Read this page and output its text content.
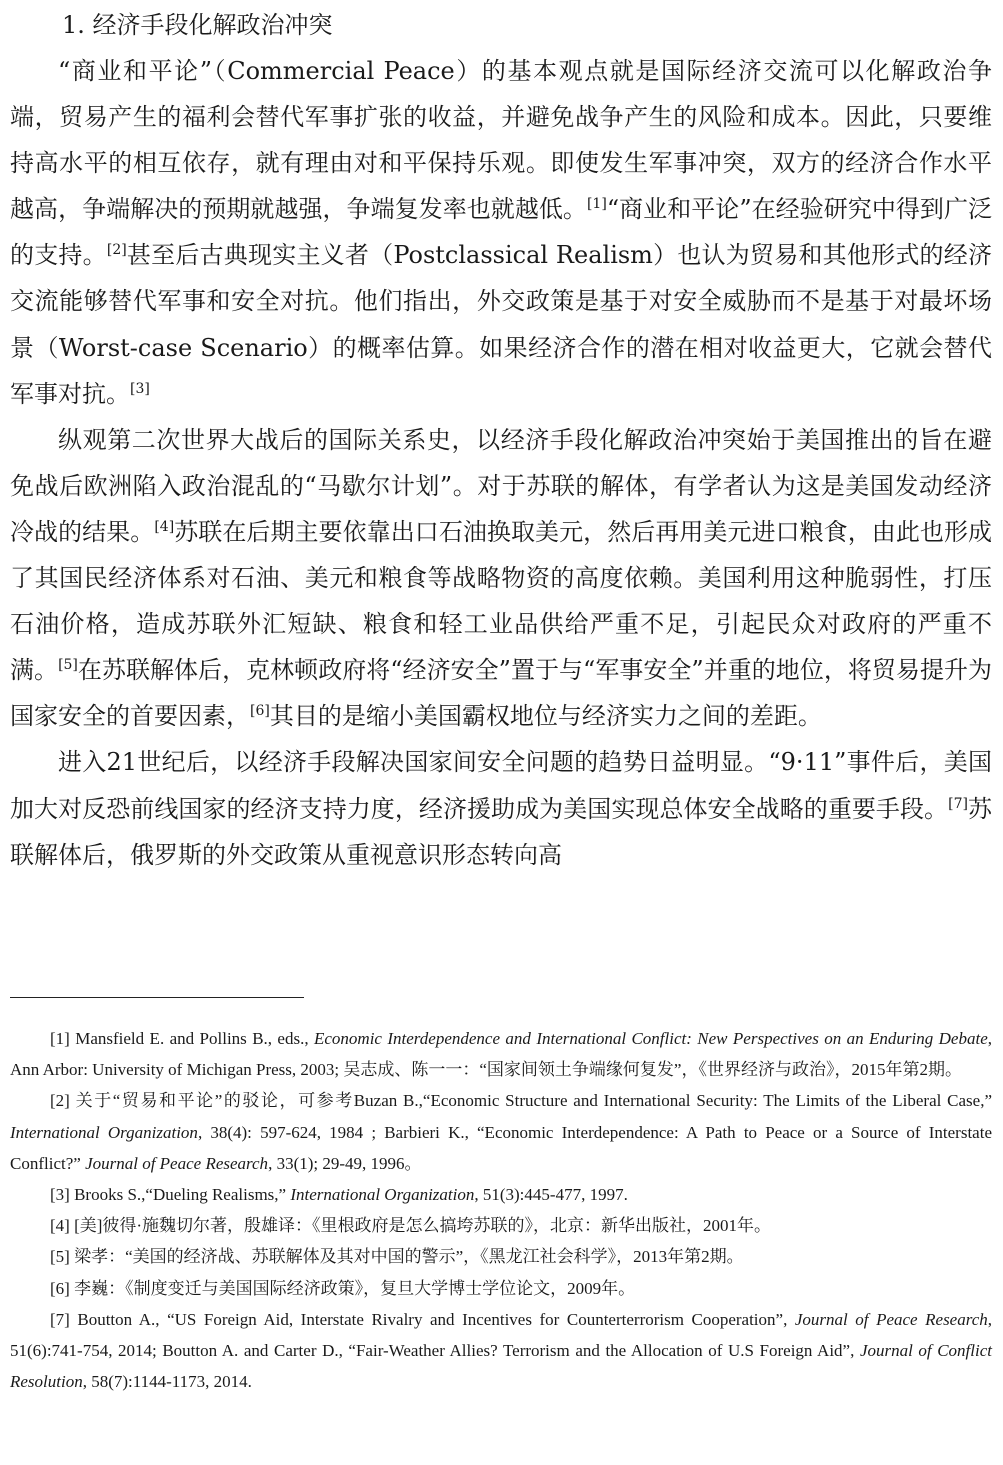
1. 经济手段化解政治冲突

“商业和平论”（Commercial Peace）的基本观点就是国际经济交流可以化解政治争端，贸易产生的福利会替代军事扩张的收益，并避免战争产生的风险和成本。因此，只要维持高水平的相互依存，就有理由对和平保持乐观。即使发生军事冲突，双方的经济合作水平越高，争端解决的预期就越强，争端复发率也就越低。[1]“商业和平论”在经验研究中得到广泛的支持。[2]甚至后古典现实主义者（Postclassical Realism）也认为贸易和其他形式的经济交流能够替代军事和安全对抗。他们指出，外交政策是基于对安全威胁而不是基于对最坏场景（Worst-case Scenario）的概率估算。如果经济合作的潜在相对收益更大，它就会替代军事对抗。[3]

纵观第二次世界大战后的国际关系史，以经济手段化解政治冲突始于美国推出的旨在避免战后欧洲陷入政治混乱的“马歇尔计划”。对于苏联的解体，有学者认为这是美国发动经济冷战的结果。[4]苏联在后期主要依靠出口石油换取美元，然后再用美元进口粮食，由此也形成了其国民经济体系对石油、美元和粮食等战略物资的高度依赖。美国利用这种脆弱性，打压石油价格，造成苏联外汇短缺、粮食和轻工业品供给严重不足，引起民众对政府的严重不满。[5]在苏联解体后，克林顿政府将“经济安全”置于与“军事安全”并重的地位，将贸易提升为国家安全的首要因素，[6]其目的是缩小美国霸权地位与经济实力之间的差距。

进入21世纪后，以经济手段解决国家间安全问题的趋势日益明显。“9·11”事件后，美国加大对反恐前线国家的经济支持力度，经济援助成为美国实现总体安全战略的重要手段。[7]苏联解体后，俄罗斯的外交政策从重视意识形态转向高

[1] Mansfield E. and Pollins B., eds., Economic Interdependence and International Conflict: New Perspectives on an Enduring Debate, Ann Arbor: University of Michigan Press, 2003; 吴志成、陈一一：“国家间领土争端缘何复发”，《世界经济与政治》，2015年第2期。

[2] 关于“贸易和平论”的驳论，可参考Buzan B.,“Economic Structure and International Security: The Limits of the Liberal Case,” International Organization, 38(4): 597-624, 1984 ; Barbieri K., “Economic Interdependence: A Path to Peace or a Source of Interstate Conflict?” Journal of Peace Research, 33(1); 29-49, 1996。

[3] Brooks S.,“Dueling Realisms,” International Organization, 51(3):445-477, 1997.

[4] [美]彼得·施魏切尔著，殷雄译：《里根政府是怎么搞垮苏联的》，北京：新华出版社，2001年。

[5] 梁孝：“美国的经济战、苏联解体及其对中国的警示”，《黑龙江社会科学》，2013年第2期。

[6] 李巍：《制度变迁与美国国际经济政策》，复旦大学博士学位论文，2009年。

[7] Boutton A., “US Foreign Aid, Interstate Rivalry and Incentives for Counterterrorism Cooperation”, Journal of Peace Research, 51(6):741-754, 2014; Boutton A. and Carter D., “Fair-Weather Allies? Terrorism and the Allocation of U.S Foreign Aid”, Journal of Conflict Resolution, 58(7):1144-1173, 2014.
